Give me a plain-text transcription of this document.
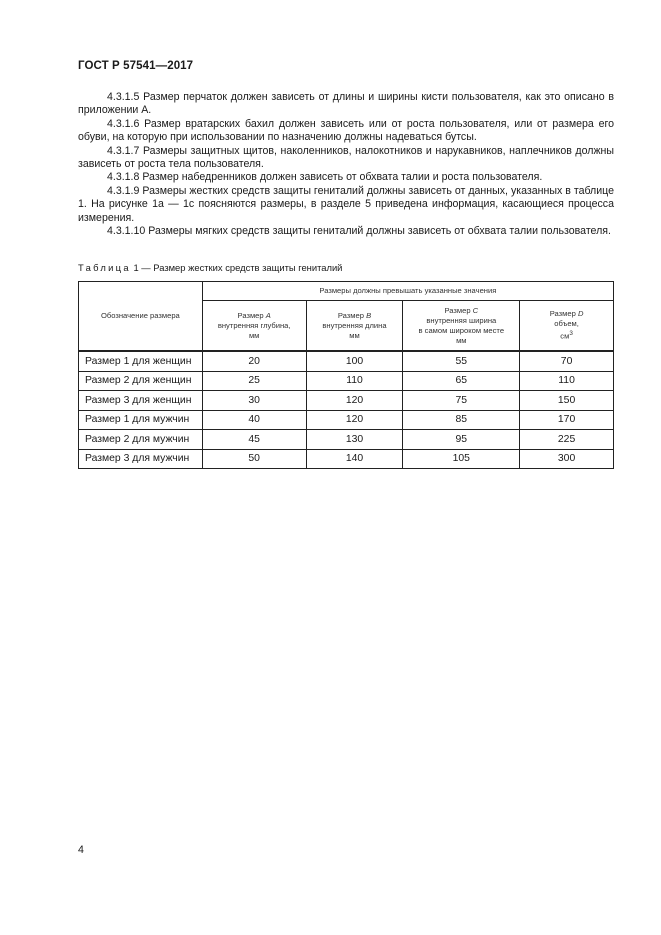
ГОСТ Р 57541—2017

4.3.1.5 Размер перчаток должен зависеть от длины и ширины кисти пользователя, как это описано в приложении А.

4.3.1.6 Размер вратарских бахил должен зависеть или от роста пользователя, или от размера его обуви, на которую при использовании по назначению должны надеваться бутсы.

4.3.1.7 Размеры защитных щитов, наколенников, налокотников и нарукавников, наплечников должны зависеть от роста тела пользователя.

4.3.1.8 Размер набедренников должен зависеть от обхвата талии и роста пользователя.

4.3.1.9 Размеры жестких средств защиты гениталий должны зависеть от данных, указанных в таблице 1. На рисунке 1а — 1с поясняются размеры, в разделе 5 приведена информация, касающиеся процесса измерения.

4.3.1.10 Размеры мягких средств защиты гениталий должны зависеть от обхвата талии пользователя.

Таблица 1 — Размер жестких средств защиты гениталий
Обозначение размера	Размеры должны превышать указанные значения			
	Размер A
внутренняя глубина,
мм	Размер B
внутренняя длина
мм	Размер C
внутренняя ширина
в самом широком месте
мм	Размер D
объем,
$см^3$
Размер 1 для женщин	20	100	55	70
Размер 2 для женщин	25	110	65	110
Размер 3 для женщин	30	120	75	150
Размер 1 для мужчин	40	120	85	170
Размер 2 для мужчин	45	130	95	225
Размер 3 для мужчин	50	140	105	300
4
